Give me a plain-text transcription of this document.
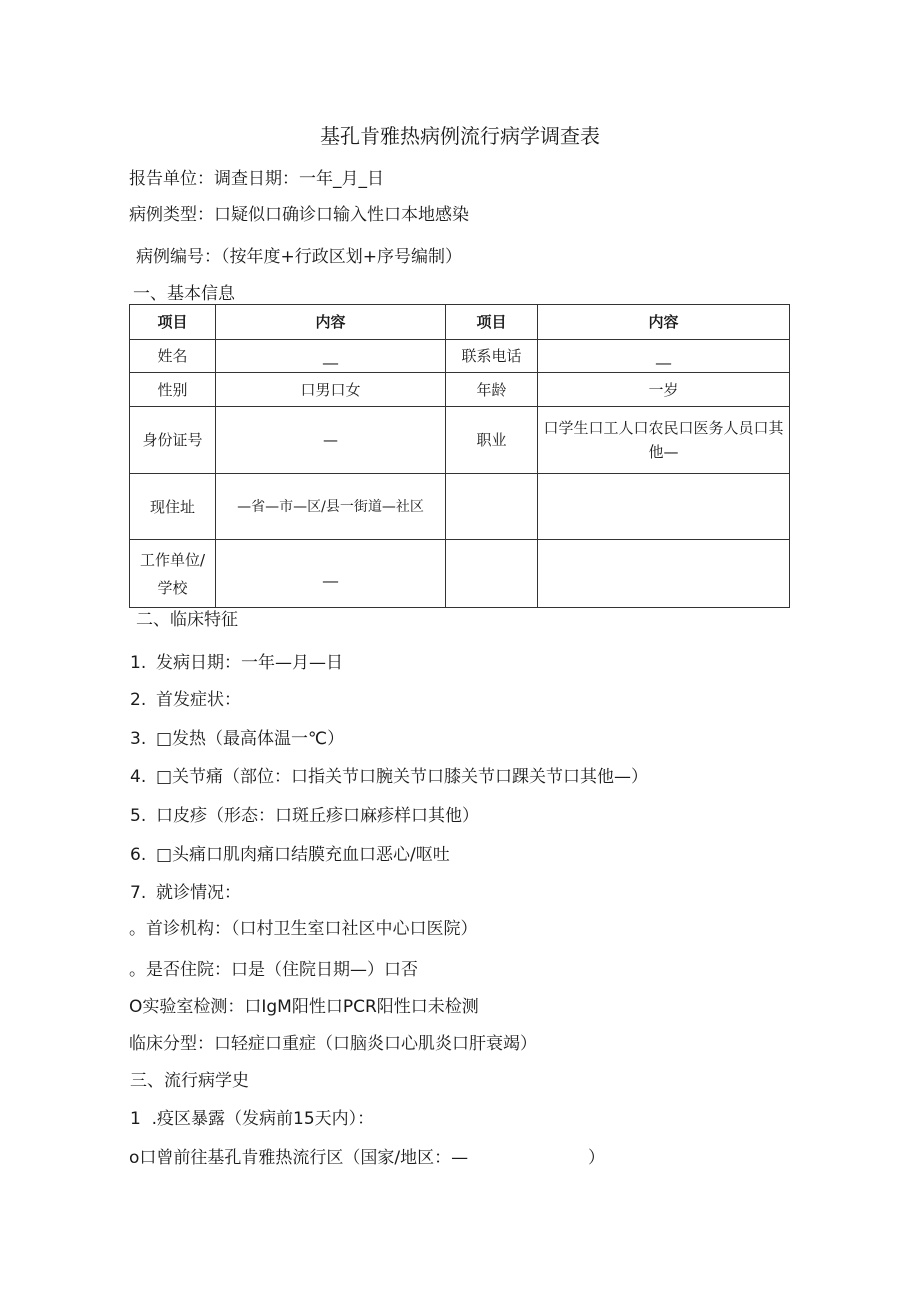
基孔肯雅热病例流行病学调查表
报告单位：调查日期：一年_月_日
病例类型：口疑似口确诊口输入性口本地感染
病例编号：（按年度+行政区划+序号编制）
一、基本信息
项目	内容	项目	内容
姓名	__	联系电话	__
性别	口男口女	年龄	一岁
身份证号	—	职业	口学生口工人口农民口医务人员口其他—
现住址	—省—市—区/县一街道—社区		
工作单位/学校	__		
二、临床特征
1. 发病日期：一年—月—日
2. 首发症状：
3. □发热（最高体温一℃）
4. □关节痛（部位：口指关节口腕关节口膝关节口踝关节口其他—）
5. 口皮疹（形态：口斑丘疹口麻疹样口其他）
6. □头痛口肌肉痛口结膜充血口恶心/呕吐
7. 就诊情况：
。首诊机构：（口村卫生室口社区中心口医院）
。是否住院：口是（住院日期—）口否
O实验室检测：口IgM阳性口PCR阳性口未检测
临床分型：口轻症口重症（口脑炎口心肌炎口肝衰竭）
三、流行病学史
1  .疫区暴露（发病前15天内）：
o口曾前往基孔肯雅热流行区（国家/地区：—	）
